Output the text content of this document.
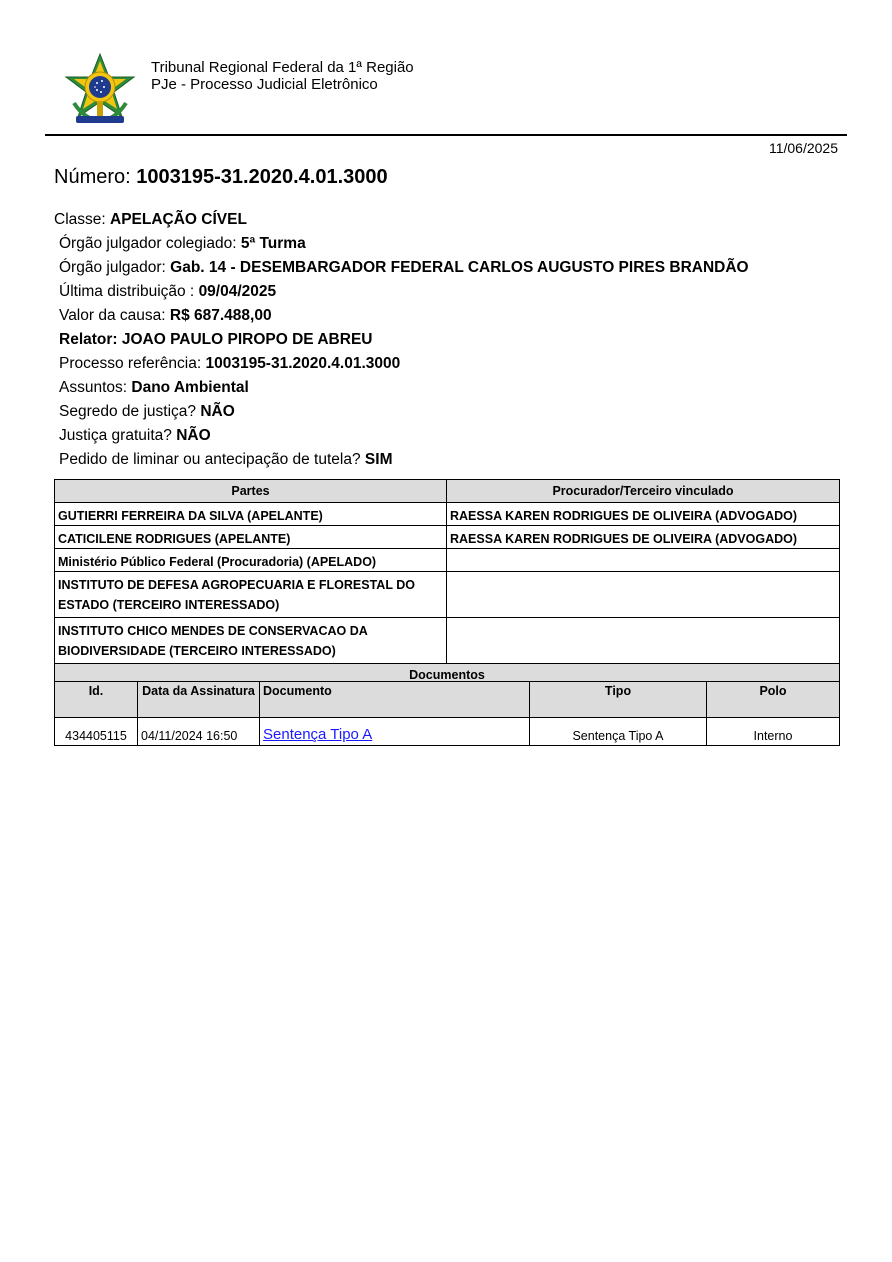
Tribunal Regional Federal da 1ª Região
PJe - Processo Judicial Eletrônico
11/06/2025
Número: 1003195-31.2020.4.01.3000
Classe: APELAÇÃO CÍVEL
Órgão julgador colegiado: 5ª Turma
Órgão julgador: Gab. 14 - DESEMBARGADOR FEDERAL CARLOS AUGUSTO PIRES BRANDÃO
Última distribuição : 09/04/2025
Valor da causa: R$ 687.488,00
Relator: JOAO PAULO PIROPO DE ABREU
Processo referência: 1003195-31.2020.4.01.3000
Assuntos: Dano Ambiental
Segredo de justiça? NÃO
Justiça gratuita? NÃO
Pedido de liminar ou antecipação de tutela? SIM
Partes	Procurador/Terceiro vinculado
GUTIERRI FERREIRA DA SILVA (APELANTE)	RAESSA KAREN RODRIGUES DE OLIVEIRA (ADVOGADO)
CATICILENE RODRIGUES (APELANTE)	RAESSA KAREN RODRIGUES DE OLIVEIRA (ADVOGADO)
Ministério Público Federal (Procuradoria) (APELADO)	
INSTITUTO DE DEFESA AGROPECUARIA E FLORESTAL DO ESTADO (TERCEIRO INTERESSADO)	
INSTITUTO CHICO MENDES DE CONSERVACAO DA BIODIVERSIDADE (TERCEIRO INTERESSADO)	
Documentos	
Id.	Data da Assinatura	Documento	Tipo	Polo
434405115	04/11/2024 16:50	Sentença Tipo A	Sentença Tipo A	Interno
